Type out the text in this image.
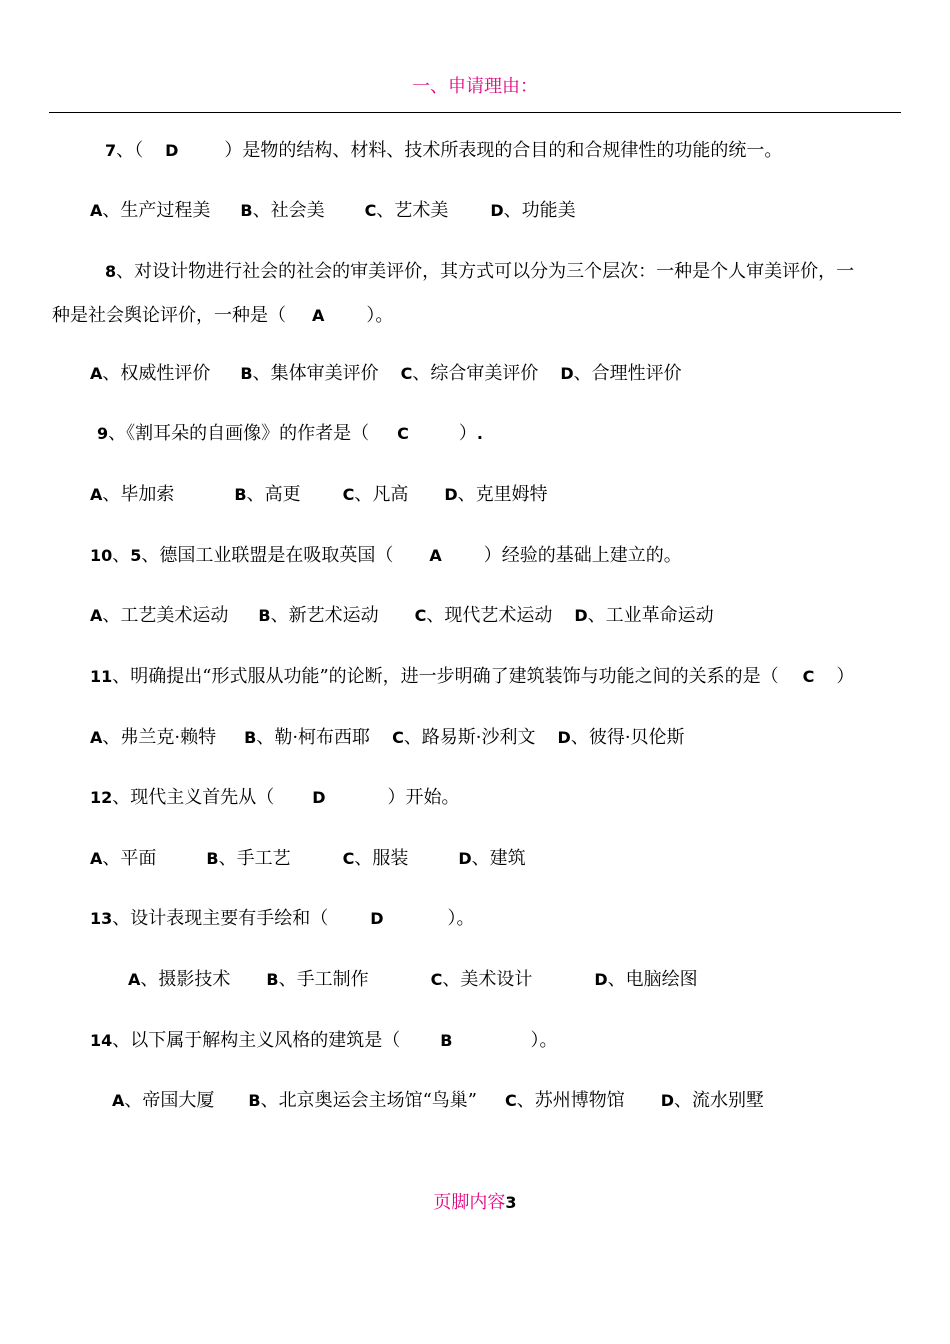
一、申请理由：
7、（ D	）是物的结构、材料、技术所表现的合目的和合规律性的功能的统一。
A、生产过程美 B、社会美	C、艺术美	D、功能美
8、对设计物进行社会的社会的审美评价，其方式可以分为三个层次：一种是个人审美评价，一
种是社会舆论评价，一种是（ A ）。
A、权威性评价 B、集体审美评价 C、综合审美评价 D、合理性评价
9、《割耳朵的自画像》的作者是（ C	）.
A、毕加索	B、高更	C、凡高 D、克里姆特
10、5、德国工业联盟是在吸取英国（ A ）经验的基础上建立的。
A、工艺美术运动 B、新艺术运动 C、现代艺术运动 D、工业革命运动
11、明确提出“形式服从功能”的论断，进一步明确了建筑装饰与功能之间的关系的是（ C ）
A、弗兰克·赖特 B、勒·柯布西耶 C、路易斯·沙利文 D、彼得·贝伦斯
12、现代主义首先从（ D	）开始。
A、平面	B、手工艺	C、服装	D、建筑
13、设计表现主要有手绘和（	D	）。
A、摄影技术 B、手工制作	C、美术设计	D、电脑绘图
14、以下属于解构主义风格的建筑是（	B	）。
A、帝国大厦 B、北京奥运会主场馆“鸟巢” C、苏州博物馆 D、流水别墅
页脚内容3
